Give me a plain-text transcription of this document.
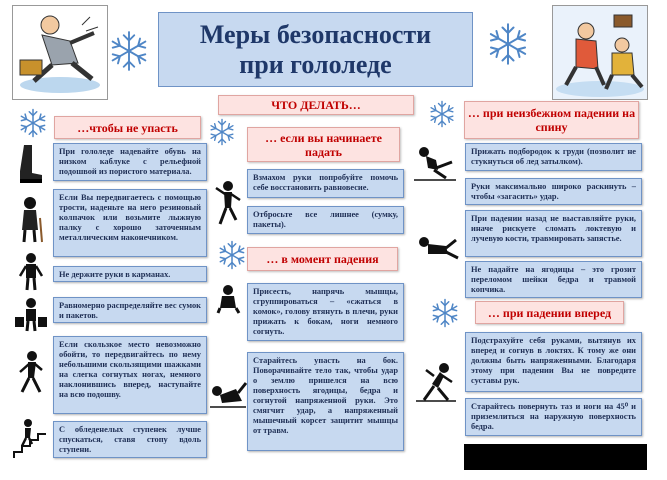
Меры безопасности
при гололеде
ЧТО ДЕЛАТЬ…
…чтобы не упасть
… если вы начинаете падать
… при неизбежном падении на спину
… в момент падения
… при падении вперед
При гололеде надевайте обувь на низком каблуке с рельефной подошвой из пористого материала.
Если Вы передвигаетесь с помощью трости, наденьте на него резиновый колпачок или возьмите лыжную палку с хорошо заточенным металлическим наконечником.
Не держите руки в карманах.
Равномерно распределяйте вес сумок и пакетов.
Если скользкое место невозможно обойти, то передвигайтесь по нему небольшими скользящими шажками на слегка согнутых ногах, немного наклонившись вперед, наступайте на всю подошву.
С обледенелых ступенек лучше спускаться, ставя стопу вдоль ступени.
Взмахом руки попробуйте помочь себе восстановить равновесие.
Отбросьте все лишнее (сумку, пакеты).
Присесть, напрячь мышцы, сгруппироваться – «сжаться в комок», голову втянуть в плечи, руки прижать к бокам, ноги немного согнуть.
Старайтесь упасть на бок. Поворачивайте тело так, чтобы удар о землю пришелся на всю поверхность ягодицы, бедра и согнутой напряженной руки. Это смягчит удар, а напряженный мышечный корсет защитит мышцы от травм.
Прижать подбородок к груди (позволит не стукнуться об лед затылком).
Руки максимально широко раскинуть – чтобы «загасить» удар.
При падении назад не выставляйте руки, иначе рискуете сломать локтевую и лучевую кости, травмировать запястье.
Не падайте на ягодицы – это грозит переломом шейки бедра и травмой копчика.
Подстрахуйте себя руками, вытянув их вперед и согнув в локтях. К тому же они должны быть напряженными. Благодаря этому при падении Вы не повредите суставы рук.
Старайтесь повернуть таз и ноги на 45⁰ и приземлиться на наружную поверхность бедра.
